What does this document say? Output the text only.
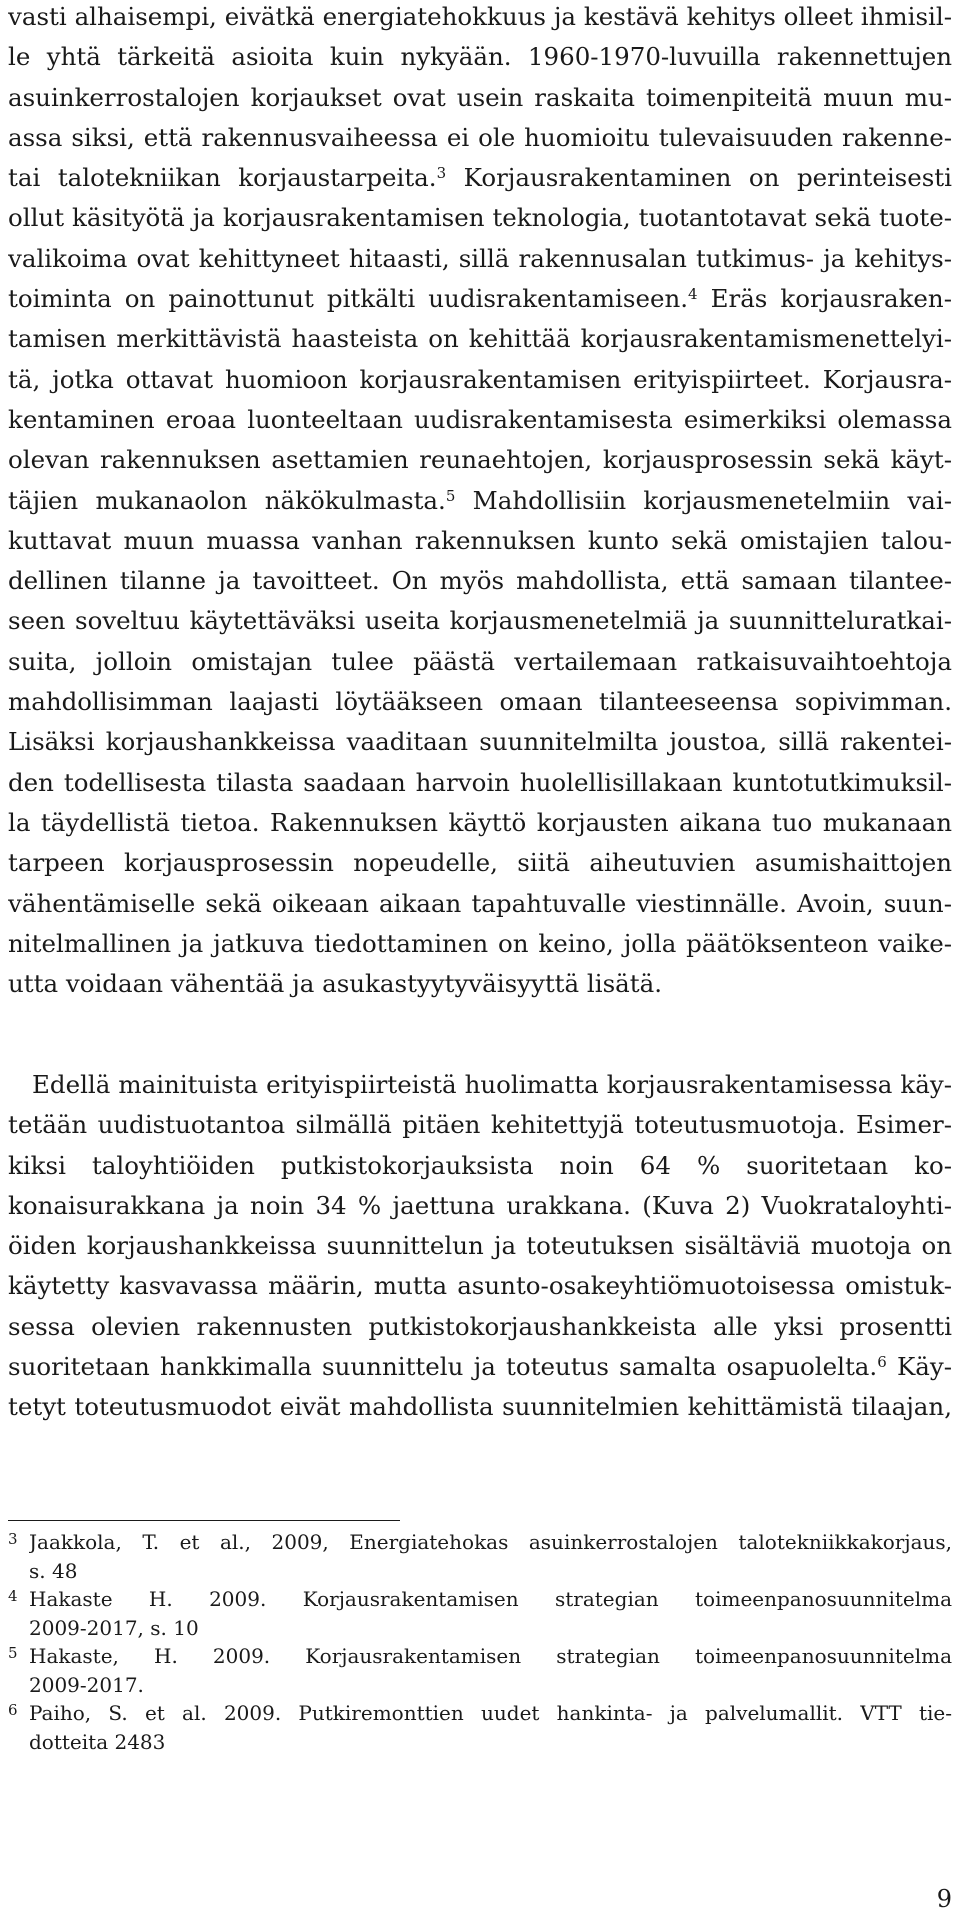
vasti alhaisempi, eivätkä energiatehokkuus ja kestävä kehitys olleet ihmisil-
le yhtä tärkeitä asioita kuin nykyään. 1960-1970-luvuilla rakennettujen
asuinkerrostalojen korjaukset ovat usein raskaita toimenpiteitä muun mu-
assa siksi, että rakennusvaiheessa ei ole huomioitu tulevaisuuden rakenne-
tai talotekniikan korjaustarpeita.$^3$ Korjausrakentaminen on perinteisesti
ollut käsityötä ja korjausrakentamisen teknologia, tuotantotavat sekä tuote-
valikoima ovat kehittyneet hitaasti, sillä rakennusalan tutkimus- ja kehitys-
toiminta on painottunut pitkälti uudisrakentamiseen.$^4$ Eräs korjausraken-
tamisen merkittävistä haasteista on kehittää korjausrakentamismenettelyi-
tä, jotka ottavat huomioon korjausrakentamisen erityispiirteet. Korjausra-
kentaminen eroaa luonteeltaan uudisrakentamisesta esimerkiksi olemassa
olevan rakennuksen asettamien reunaehtojen, korjausprosessin sekä käyt-
täjien mukanaolon näkökulmasta.$^5$ Mahdollisiin korjausmenetelmiin vai-
kuttavat muun muassa vanhan rakennuksen kunto sekä omistajien talou-
dellinen tilanne ja tavoitteet. On myös mahdollista, että samaan tilantee-
seen soveltuu käytettäväksi useita korjausmenetelmiä ja suunnitteluratkai-
suita, jolloin omistajan tulee päästä vertailemaan ratkaisuvaihtoehtoja
mahdollisimman laajasti löytääkseen omaan tilanteeseensa sopivimman.
Lisäksi korjaushankkeissa vaaditaan suunnitelmilta joustoa, sillä rakentei-
den todellisesta tilasta saadaan harvoin huolellisillakaan kuntotutkimuksil-
la täydellistä tietoa. Rakennuksen käyttö korjausten aikana tuo mukanaan
tarpeen korjausprosessin nopeudelle, siitä aiheutuvien asumishaittojen
vähentämiselle sekä oikeaan aikaan tapahtuvalle viestinnälle. Avoin, suun-
nitelmallinen ja jatkuva tiedottaminen on keino, jolla päätöksenteon vaike-
utta voidaan vähentää ja asukastyytyväisyyttä lisätä.
Edellä mainituista erityispiirteistä huolimatta korjausrakentamisessa käy-
tetään uudistuotantoa silmällä pitäen kehitettyjä toteutusmuotoja. Esimer-
kiksi taloyhtiöiden putkistokorjauksista noin 64 % suoritetaan ko-
konaisurakkana ja noin 34 % jaettuna urakkana. (Kuva 2) Vuokrataloyhti-
öiden korjaushankkeissa suunnittelun ja toteutuksen sisältäviä muotoja on
käytetty kasvavassa määrin, mutta asunto-osakeyhtiömuotoisessa omistuk-
sessa olevien rakennusten putkistokorjaushankkeista alle yksi prosentti
suoritetaan hankkimalla suunnittelu ja toteutus samalta osapuolelta.$^6$ Käy-
tetyt toteutusmuodot eivät mahdollista suunnitelmien kehittämistä tilaajan,
3 Jaakkola, T. et al., 2009, Energiatehokas asuinkerrostalojen talotekniikkakorjaus,
s. 48
4 Hakaste H. 2009. Korjausrakentamisen strategian toimeenpanosuunnitelma
2009-2017, s. 10
5 Hakaste, H. 2009. Korjausrakentamisen strategian toimeenpanosuunnitelma
2009-2017.
6 Paiho, S. et al. 2009. Putkiremonttien uudet hankinta- ja palvelumallit. VTT tie-
dotteita 2483
9
